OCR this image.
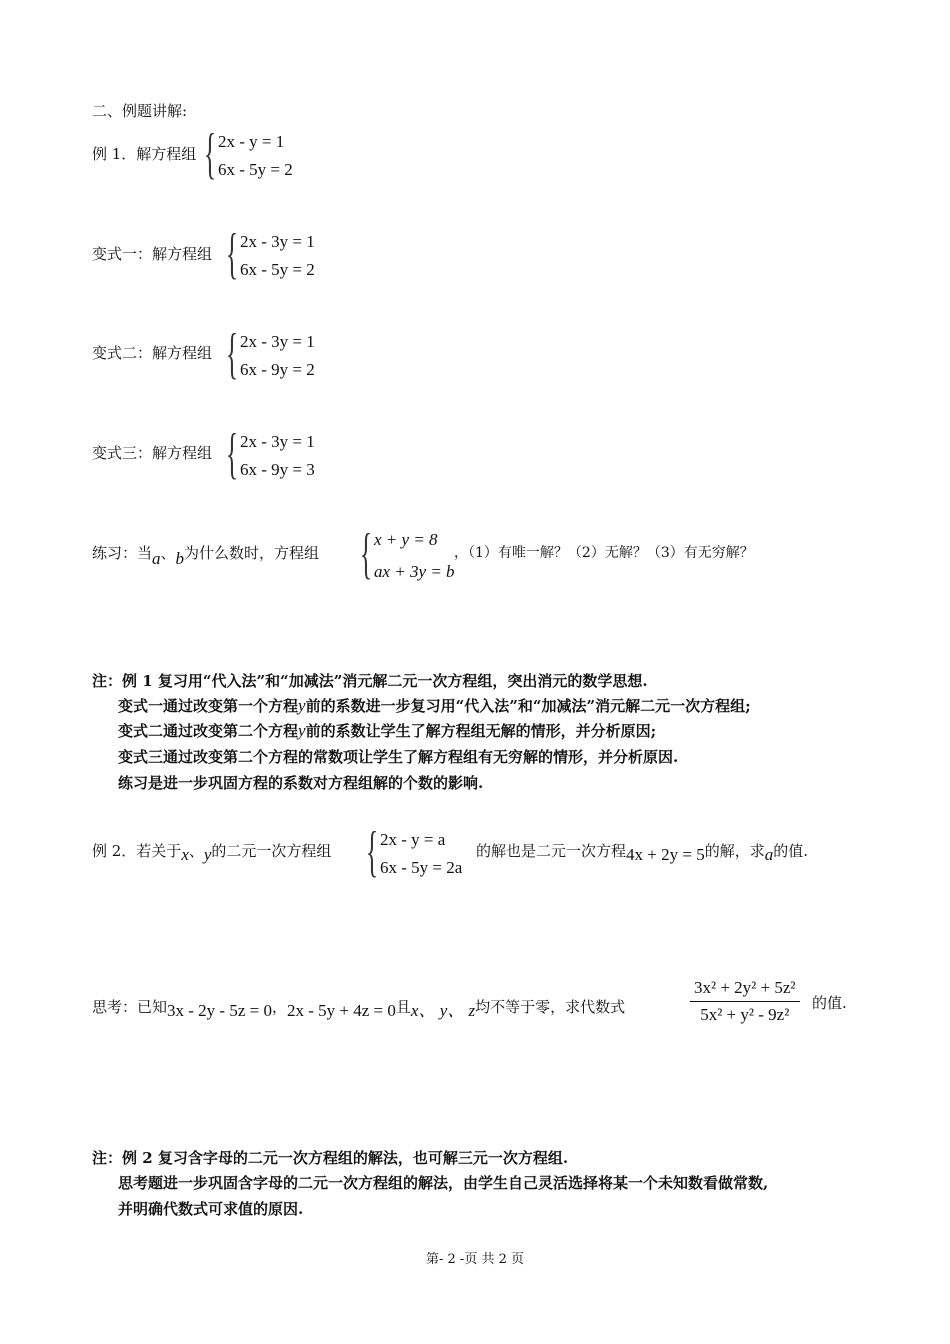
二、例题讲解:
例 1．解方程组 { 2x - y = 1
6x - 5y = 2
变式一：解方程组 { 2x - 3y = 1
6x - 5y = 2
变式二：解方程组 { 2x - 3y = 1
6x - 9y = 2
变式三：解方程组 { 2x - 3y = 1
6x - 9y = 3
练习：当a、b为什么数时，方程组 { x + y = 8
ax + 3y = b
，（1）有唯一解？（2）无解？（3）有无穷解？
注：例 1 复习用“代入法”和“加减法”消元解二元一次方程组，突出消元的数学思想.
变式一通过改变第一个方程y前的系数进一步复习用“代入法”和“加减法”消元解二元一次方程组;
变式二通过改变第二个方程y前的系数让学生了解方程组无解的情形，并分析原因;
变式三通过改变第二个方程的常数项让学生了解方程组有无穷解的情形，并分析原因.
练习是进一步巩固方程的系数对方程组解的个数的影响.
例 2．若关于x、y的二元一次方程组 { 2x - y = a
6x - 5y = 2a
的解也是二元一次方程4x + 2y = 5的解，求a的值.
思考：已知3x - 2y - 5z = 0，2x - 5y + 4z = 0且x、 y、 z均不等于零，求代数式	$\frac{\text{3x² + 2y² + 5z²}}{\text{5x² + y² - 9z²}}$ 的值.
注：例 2 复习含字母的二元一次方程组的解法，也可解三元一次方程组.
思考题进一步巩固含字母的二元一次方程组的解法，由学生自己灵活选择将某一个未知数看做常数,
并明确代数式可求值的原因.
第- 2 -页 共 2 页
